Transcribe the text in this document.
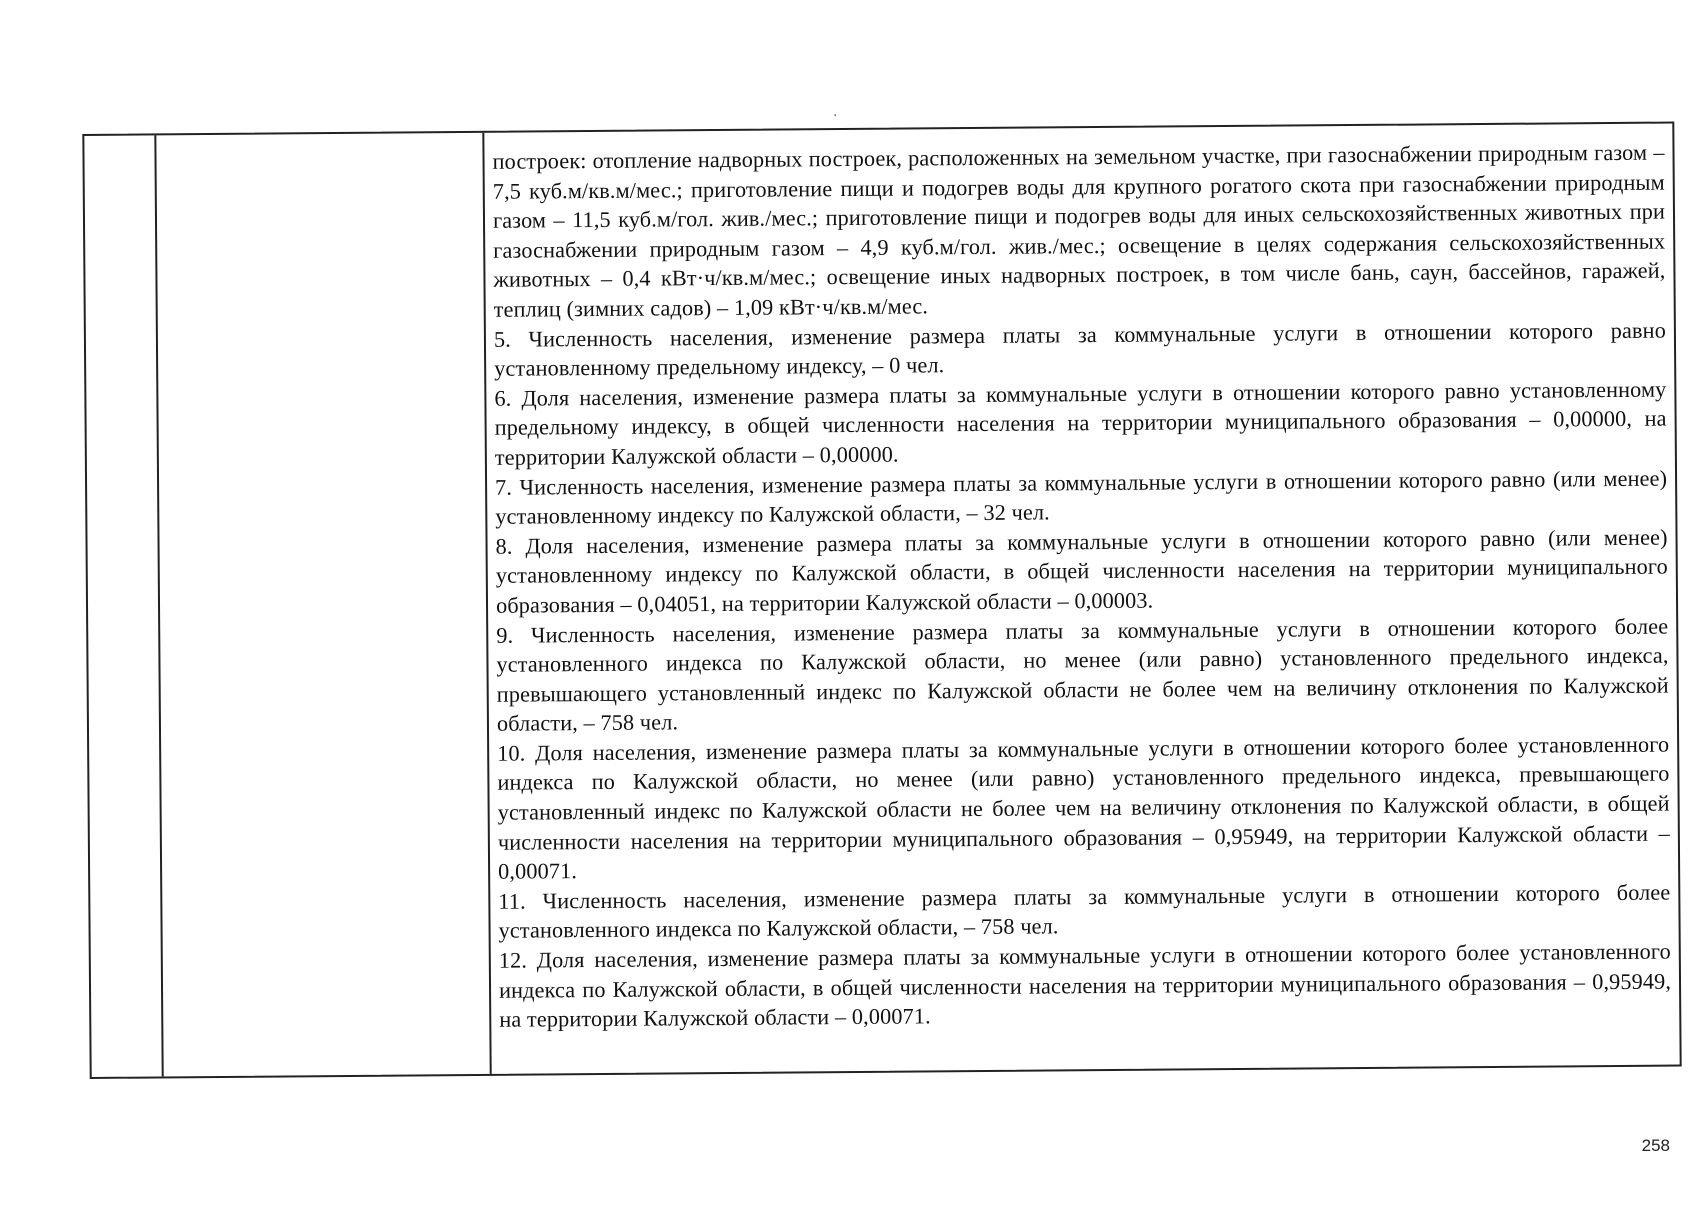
построек: отопление надворных построек, расположенных на земельном участке, при газоснабжении природным газом – 7,5 куб.м/кв.м/мес.; приготовление пищи и подогрев воды для крупного рогатого скота при газоснабжении природным газом – 11,5 куб.м/гол. жив./мес.; приготовление пищи и подогрев воды для иных сельскохозяйственных животных при газоснабжении природным газом – 4,9 куб.м/гол. жив./мес.; освещение в целях содержания сельскохозяйственных животных – 0,4 кВт·ч/кв.м/мес.; освещение иных надворных построек, в том числе бань, саун, бассейнов, гаражей, теплиц (зимних садов) – 1,09 кВт·ч/кв.м/мес.

5. Численность населения, изменение размера платы за коммунальные услуги в отношении которого равно установленному предельному индексу, – 0 чел.

6. Доля населения, изменение размера платы за коммунальные услуги в отношении которого равно установленному предельному индексу, в общей численности населения на территории муниципального образования – 0,00000, на территории Калужской области – 0,00000.

7. Численность населения, изменение размера платы за коммунальные услуги в отношении которого равно (или менее) установленному индексу по Калужской области, – 32 чел.

8. Доля населения, изменение размера платы за коммунальные услуги в отношении которого равно (или менее) установленному индексу по Калужской области, в общей численности населения на территории муниципального образования – 0,04051, на территории Калужской области – 0,00003.

9. Численность населения, изменение размера платы за коммунальные услуги в отношении которого более установленного индекса по Калужской области, но менее (или равно) установленного предельного индекса, превышающего установленный индекс по Калужской области не более чем на величину отклонения по Калужской области, – 758 чел.

10. Доля населения, изменение размера платы за коммунальные услуги в отношении которого более установленного индекса по Калужской области, но менее (или равно) установленного предельного индекса, превышающего установленный индекс по Калужской области не более чем на величину отклонения по Калужской области, в общей численности населения на территории муниципального образования – 0,95949, на территории Калужской области – 0,00071.

11. Численность населения, изменение размера платы за коммунальные услуги в отношении которого более установленного индекса по Калужской области, – 758 чел.

12. Доля населения, изменение размера платы за коммунальные услуги в отношении которого более установленного индекса по Калужской области, в общей численности населения на территории муниципального образования – 0,95949, на территории Калужской области – 0,00071.

258
